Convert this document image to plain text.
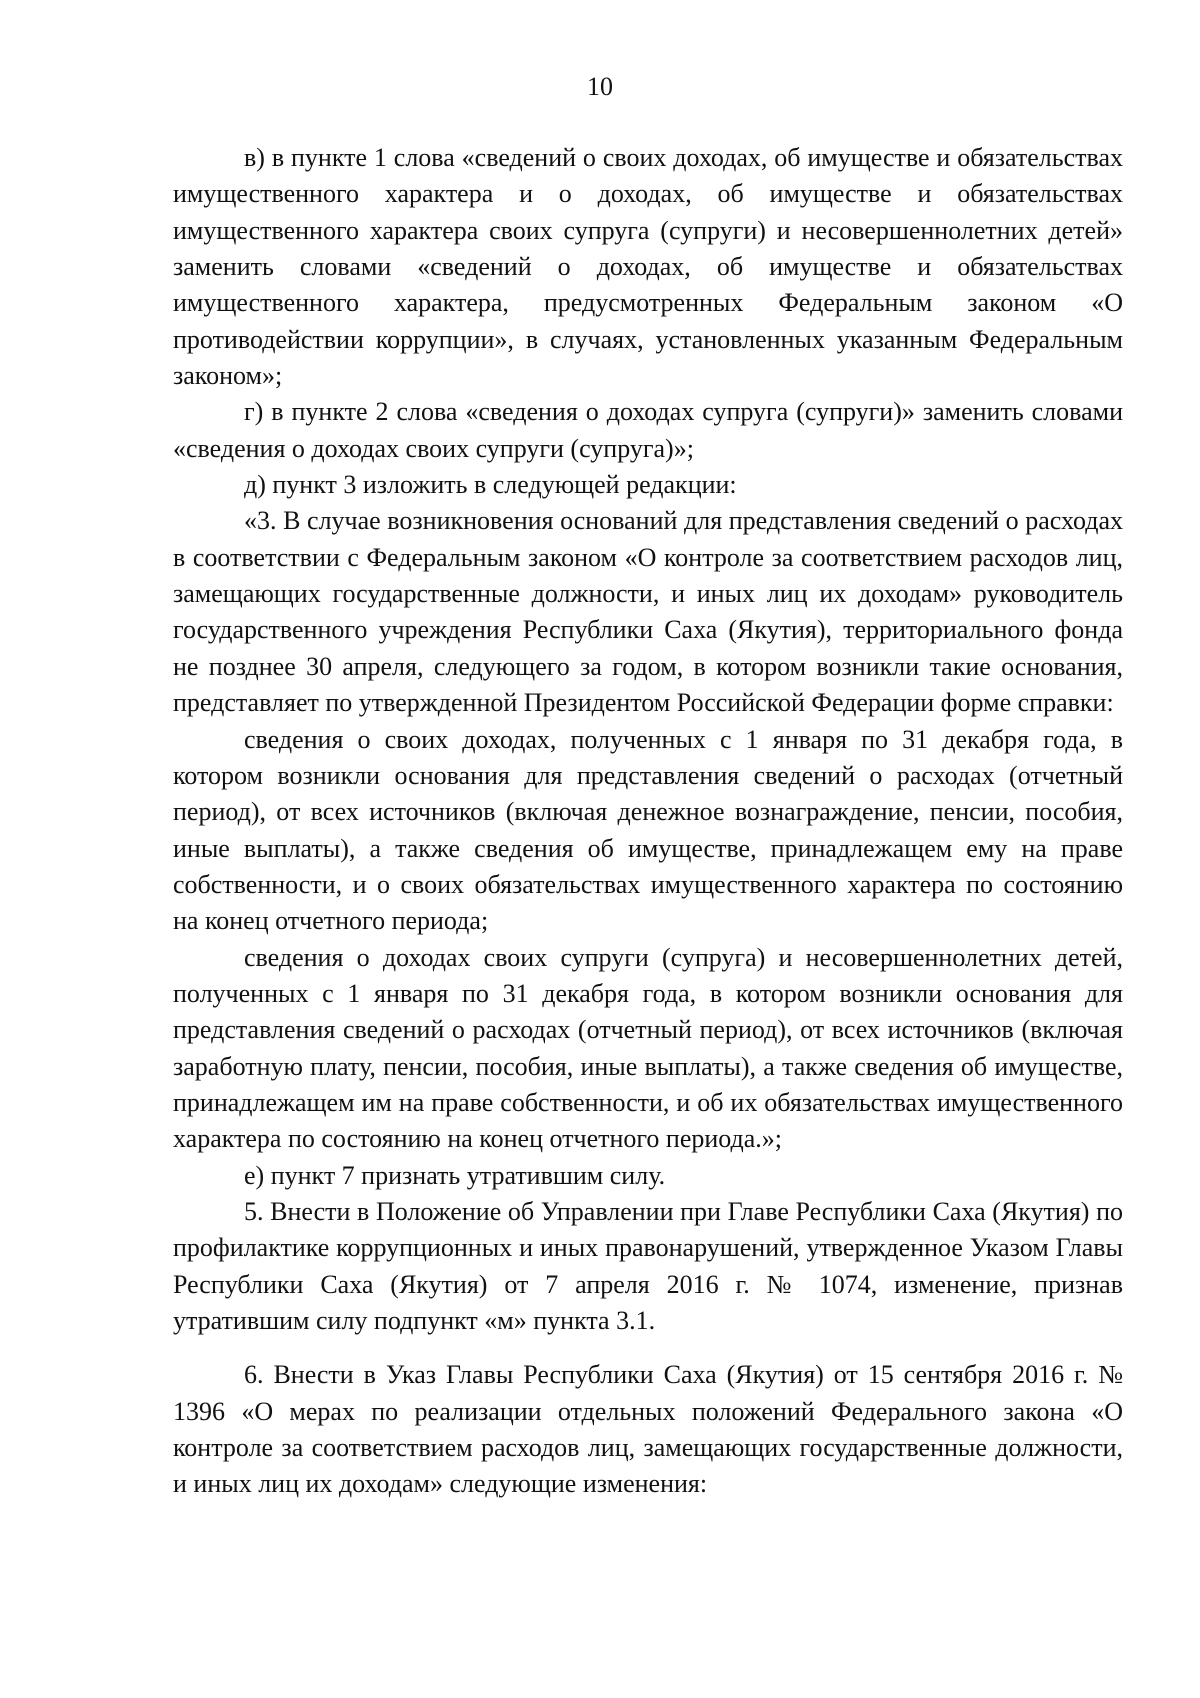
10

в) в пункте 1 слова «сведений о своих доходах, об имуществе и обязательствах имущественного характера и о доходах, об имуществе и обязательствах имущественного характера своих супруга (супруги) и несовершеннолетних детей» заменить словами «сведений о доходах, об имуществе и обязательствах имущественного характера, предусмотренных Федеральным законом «О противодействии коррупции», в случаях, установленных указанным Федеральным законом»;

г) в пункте 2 слова «сведения о доходах супруга (супруги)» заменить словами «сведения о доходах своих супруги (супруга)»;

д) пункт 3 изложить в следующей редакции:

«3. В случае возникновения оснований для представления сведений о расходах в соответствии с Федеральным законом «О контроле за соответствием расходов лиц, замещающих государственные должности, и иных лиц их доходам» руководитель государственного учреждения Республики Саха (Якутия), территориального фонда не позднее 30 апреля, следующего за годом, в котором возникли такие основания, представляет по утвержденной Президентом Российской Федерации форме справки:

сведения о своих доходах, полученных с 1 января по 31 декабря года, в котором возникли основания для представления сведений о расходах (отчетный период), от всех источников (включая денежное вознаграждение, пенсии, пособия, иные выплаты), а также сведения об имуществе, принадлежащем ему на праве собственности, и о своих обязательствах имущественного характера по состоянию на конец отчетного периода;

сведения о доходах своих супруги (супруга) и несовершеннолетних детей, полученных с 1 января по 31 декабря года, в котором возникли основания для представления сведений о расходах (отчетный период), от всех источников (включая заработную плату, пенсии, пособия, иные выплаты), а также сведения об имуществе, принадлежащем им на праве собственности, и об их обязательствах имущественного характера по состоянию на конец отчетного периода.»;

е) пункт 7 признать утратившим силу.

5. Внести в Положение об Управлении при Главе Республики Саха (Якутия) по профилактике коррупционных и иных правонарушений, утвержденное Указом Главы Республики Саха (Якутия) от 7 апреля 2016 г. № 1074, изменение, признав утратившим силу подпункт «м» пункта 3.1.

6. Внести в Указ Главы Республики Саха (Якутия) от 15 сентября 2016 г. № 1396 «О мерах по реализации отдельных положений Федерального закона «О контроле за соответствием расходов лиц, замещающих государственные должности, и иных лиц их доходам» следующие изменения:
